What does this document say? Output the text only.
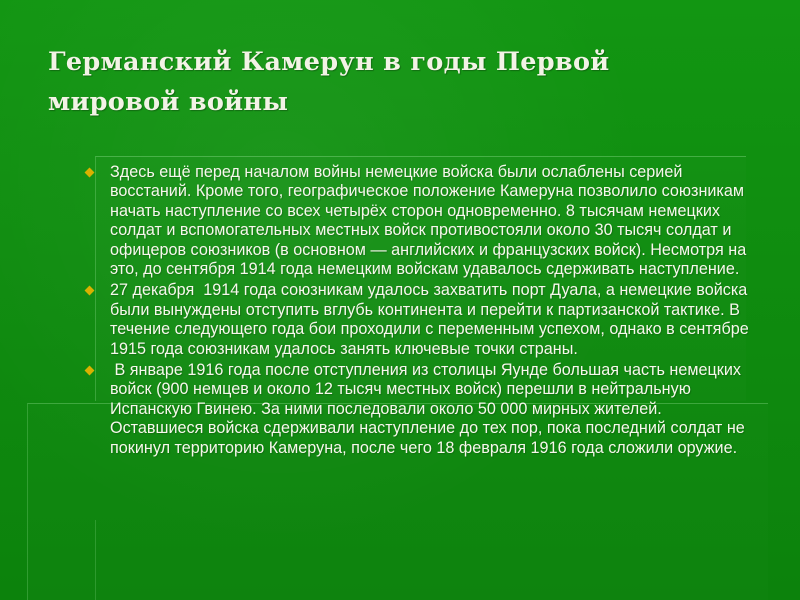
Германский Камерун в годы Первой мировой войны
Здесь ещё перед началом войны немецкие войска были ослаблены серией восстаний. Кроме того, географическое положение Камеруна позволило союзникам начать наступление со всех четырёх сторон одновременно. 8 тысячам немецких солдат и вспомогательных местных войск противостояли около 30 тысяч солдат и офицеров союзников (в основном — английских и французских войск). Несмотря на это, до сентября 1914 года немецким войскам удавалось сдерживать наступление.
27 декабря  1914 года союзникам удалось захватить порт Дуала, а немецкие войска были вынуждены отступить вглубь континента и перейти к партизанской тактике. В течение следующего года бои проходили с переменным успехом, однако в сентябре 1915 года союзникам удалось занять ключевые точки страны.
В январе 1916 года после отступления из столицы Яунде большая часть немецких войск (900 немцев и около 12 тысяч местных войск) перешли в нейтральную Испанскую Гвинею. За ними последовали около 50 000 мирных жителей. Оставшиеся войска сдерживали наступление до тех пор, пока последний солдат не покинул территорию Камеруна, после чего 18 февраля 1916 года сложили оружие.
